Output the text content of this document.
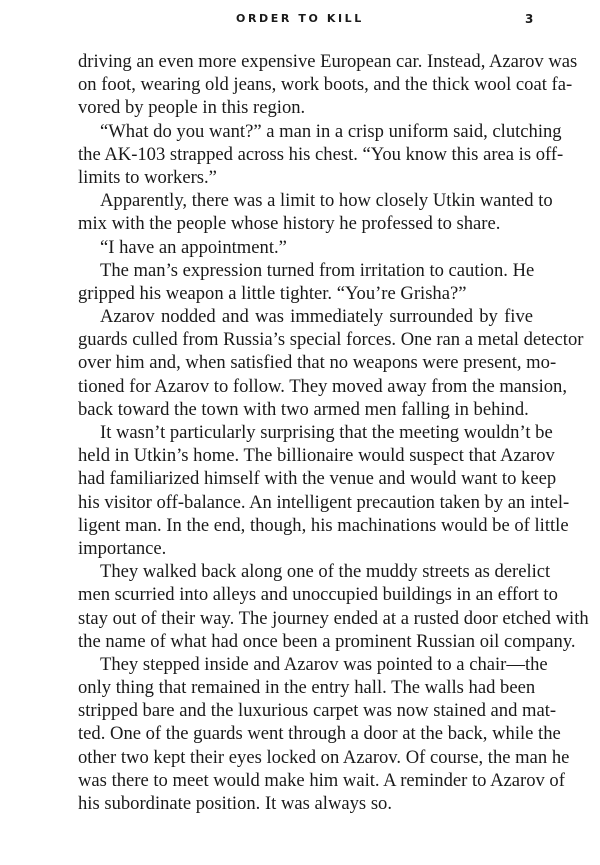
ORDER TO KILL	3
driving an even more expensive European car. Instead, Azarov was
on foot, wearing old jeans, work boots, and the thick wool coat fa-
vored by people in this region.
“What do you want?” a man in a crisp uniform said, clutching
the AK-103 strapped across his chest. “You know this area is off-
limits to workers.”
Apparently, there was a limit to how closely Utkin wanted to
mix with the people whose history he professed to share.
“I have an appointment.”
The man’s expression turned from irritation to caution. He
gripped his weapon a little tighter. “You’re Grisha?”
Azarov nodded and was immediately surrounded by five
guards culled from Russia’s special forces. One ran a metal detector
over him and, when satisfied that no weapons were present, mo-
tioned for Azarov to follow. They moved away from the mansion,
back toward the town with two armed men falling in behind.
It wasn’t particularly surprising that the meeting wouldn’t be
held in Utkin’s home. The billionaire would suspect that Azarov
had familiarized himself with the venue and would want to keep
his visitor off-balance. An intelligent precaution taken by an intel-
ligent man. In the end, though, his machinations would be of little
importance.
They walked back along one of the muddy streets as derelict
men scurried into alleys and unoccupied buildings in an effort to
stay out of their way. The journey ended at a rusted door etched with
the name of what had once been a prominent Russian oil company.
They stepped inside and Azarov was pointed to a chair—the
only thing that remained in the entry hall. The walls had been
stripped bare and the luxurious carpet was now stained and mat-
ted. One of the guards went through a door at the back, while the
other two kept their eyes locked on Azarov. Of course, the man he
was there to meet would make him wait. A reminder to Azarov of
his subordinate position. It was always so.
